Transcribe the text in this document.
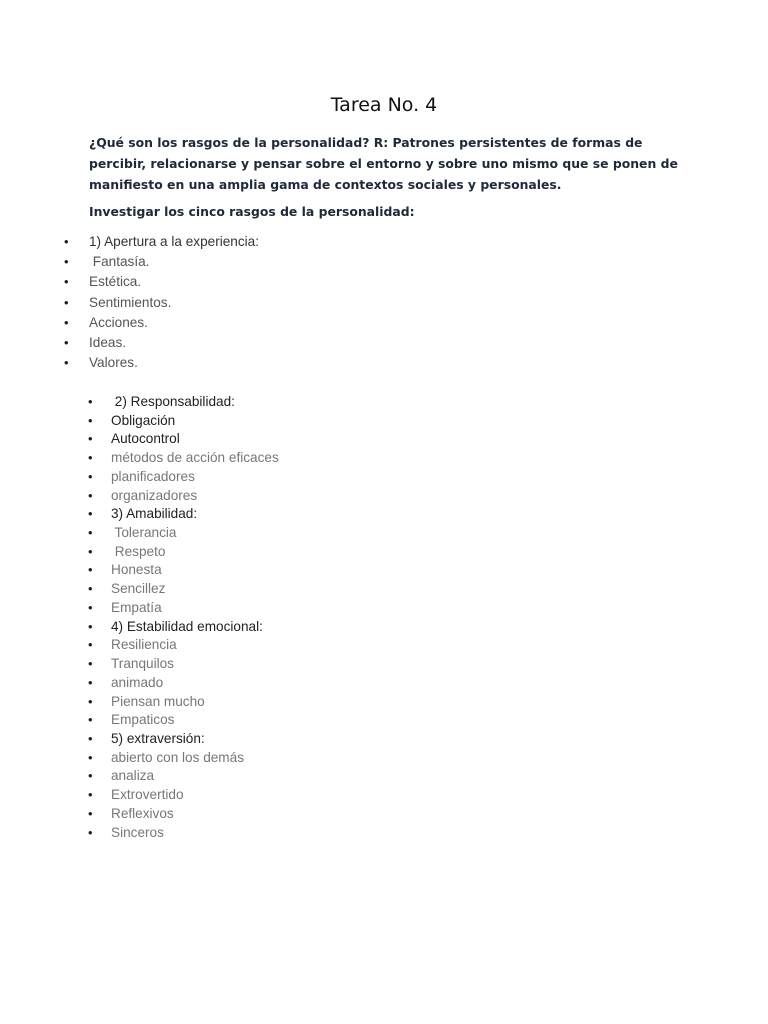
Tarea No. 4
¿Qué son los rasgos de la personalidad? R: Patrones persistentes de formas de percibir, relacionarse y pensar sobre el entorno y sobre uno mismo que se ponen de manifiesto en una amplia gama de contextos sociales y personales.
Investigar los cinco rasgos de la personalidad:
• 1) Apertura a la experiencia:
•  Fantasía.
• Estética.
• Sentimientos.
• Acciones.
• Ideas.
• Valores.
•  2) Responsabilidad:
• Obligación
• Autocontrol
• métodos de acción eficaces
• planificadores
• organizadores
• 3) Amabilidad:
•  Tolerancia
•  Respeto
• Honesta
• Sencillez
• Empatía
• 4) Estabilidad emocional:
• Resiliencia
• Tranquilos
• animado
• Piensan mucho
• Empaticos
• 5) extraversión:
• abierto con los demás
• analiza
• Extrovertido
• Reflexivos
• Sinceros
